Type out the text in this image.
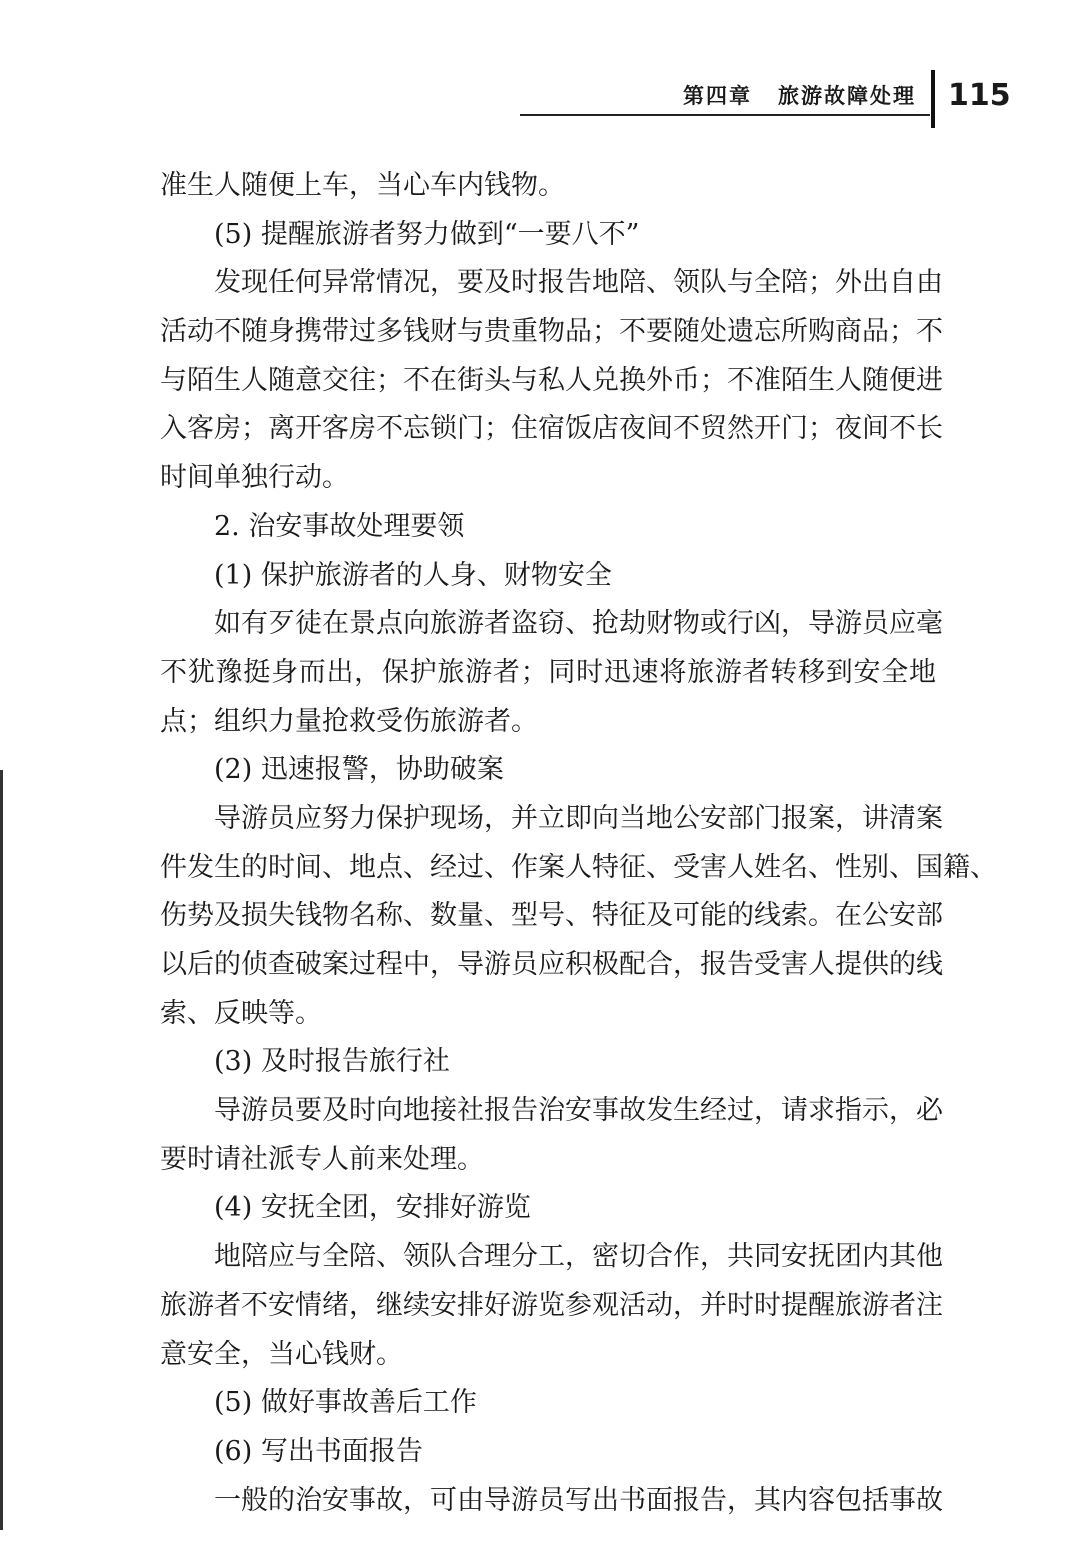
第四章 旅游故障处理 115
准生人随便上车，当心车内钱物。
(5) 提醒旅游者努力做到“一要八不”
发现任何异常情况，要及时报告地陪、领队与全陪；外出自由
活动不随身携带过多钱财与贵重物品；不要随处遗忘所购商品；不
与陌生人随意交往；不在街头与私人兑换外币；不准陌生人随便进
入客房；离开客房不忘锁门；住宿饭店夜间不贸然开门；夜间不长
时间单独行动。
2. 治安事故处理要领
(1) 保护旅游者的人身、财物安全
如有歹徒在景点向旅游者盗窃、抢劫财物或行凶，导游员应毫
不犹豫挺身而出，保护旅游者；同时迅速将旅游者转移到安全地
点；组织力量抢救受伤旅游者。
(2) 迅速报警，协助破案
导游员应努力保护现场，并立即向当地公安部门报案，讲清案
件发生的时间、地点、经过、作案人特征、受害人姓名、性别、国籍、
伤势及损失钱物名称、数量、型号、特征及可能的线索。在公安部
以后的侦查破案过程中，导游员应积极配合，报告受害人提供的线
索、反映等。
(3) 及时报告旅行社
导游员要及时向地接社报告治安事故发生经过，请求指示，必
要时请社派专人前来处理。
(4) 安抚全团，安排好游览
地陪应与全陪、领队合理分工，密切合作，共同安抚团内其他
旅游者不安情绪，继续安排好游览参观活动，并时时提醒旅游者注
意安全，当心钱财。
(5) 做好事故善后工作
(6) 写出书面报告
一般的治安事故，可由导游员写出书面报告，其内容包括事故
